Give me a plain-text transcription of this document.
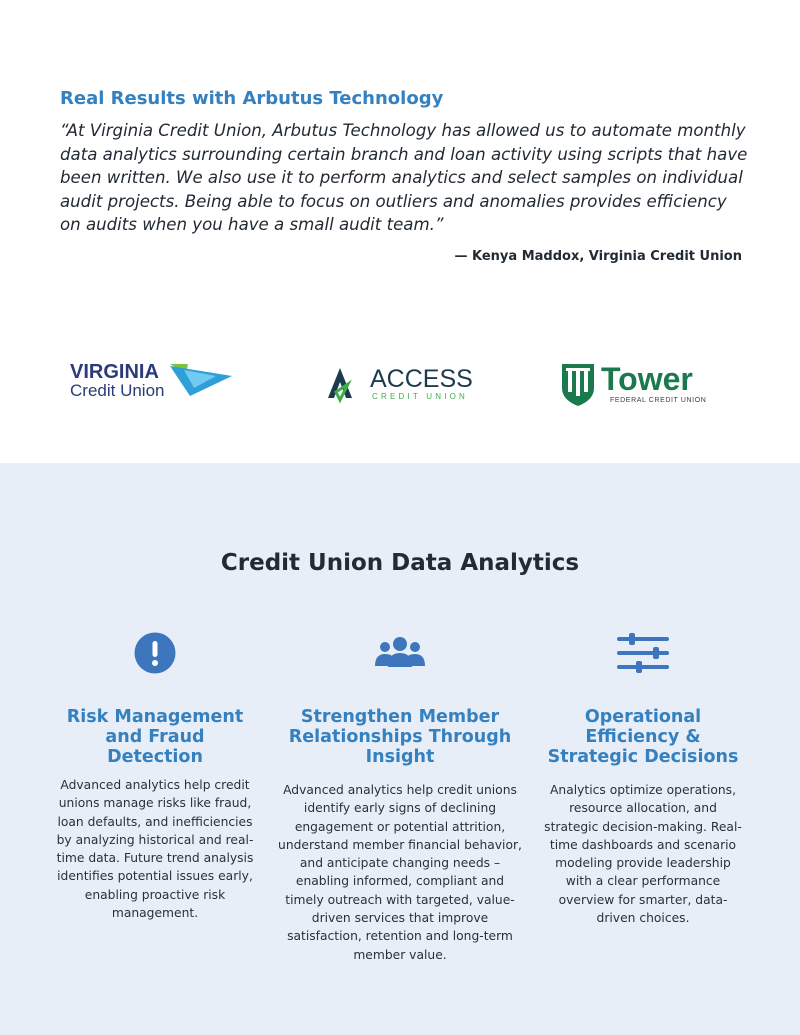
Real Results with Arbutus Technology

“At Virginia Credit Union, Arbutus Technology has allowed us to automate monthly data analytics surrounding certain branch and loan activity using scripts that have been written. We also use it to perform analytics and select samples on individual audit projects. Being able to focus on outliers and anomalies provides efficiency on audits when you have a small audit team.”

— Kenya Maddox, Virginia Credit Union

VIRGINIA
Credit Union	ACCESS
CREDIT UNION	Tower
FEDERAL CREDIT UNION
Credit Union Data Analytics
Risk Management and Fraud Detection
Advanced analytics help credit unions manage risks like fraud, loan defaults, and inefficiencies by analyzing historical and real-time data. Future trend analysis identifies potential issues early, enabling proactive risk management.
Strengthen Member Relationships Through Insight
Advanced analytics help credit unions identify early signs of declining engagement or potential attrition, understand member financial behavior, and anticipate changing needs – enabling informed, compliant and timely outreach with targeted, value-driven services that improve satisfaction, retention and long-term member value.
Operational Efficiency & Strategic Decisions
Analytics optimize operations, resource allocation, and strategic decision-making. Real-time dashboards and scenario modeling provide leadership with a clear performance overview for smarter, data-driven choices.
